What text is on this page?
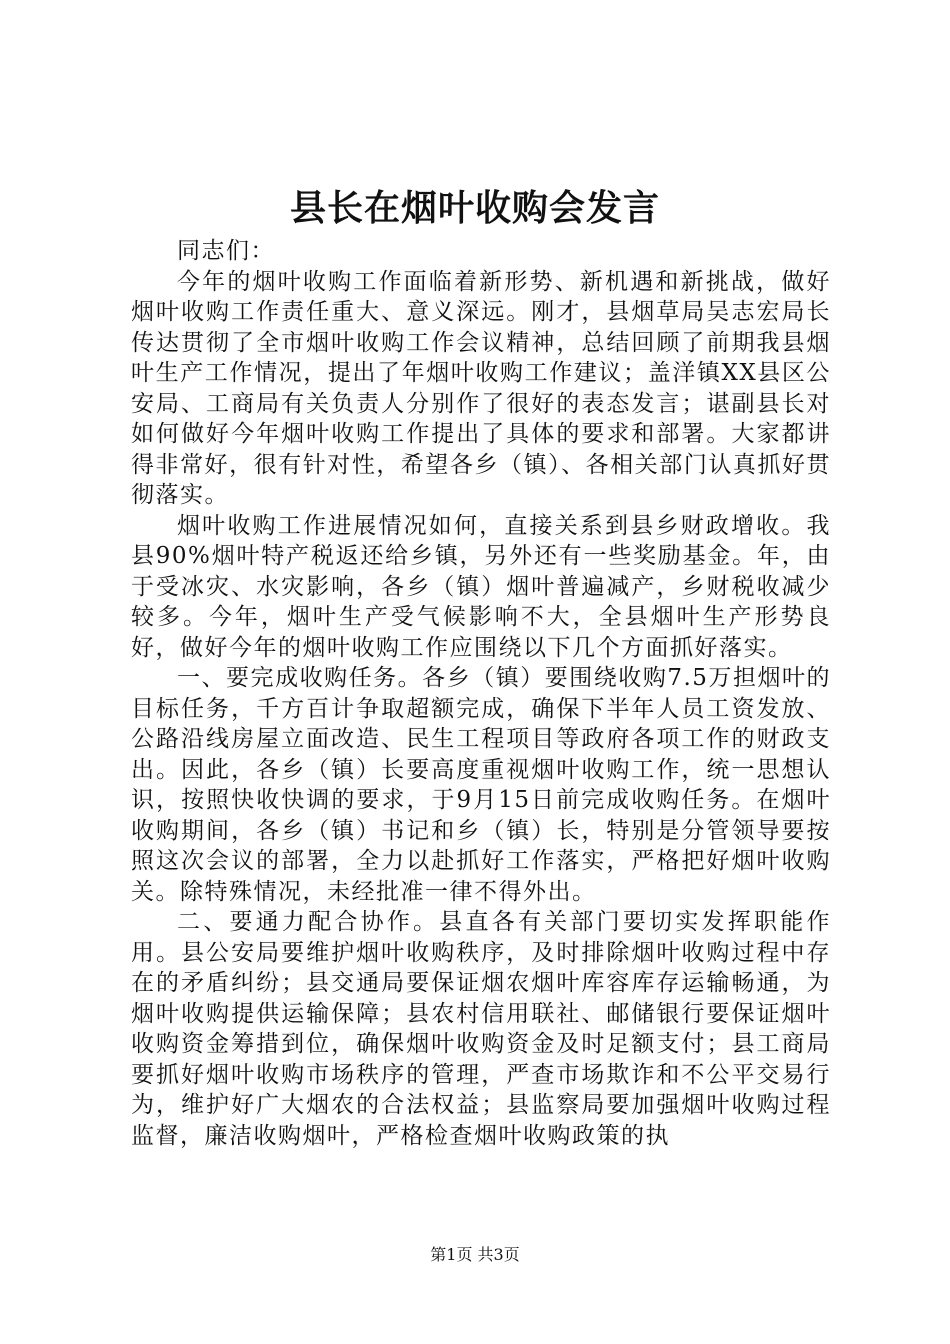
县长在烟叶收购会发言

同志们：

今年的烟叶收购工作面临着新形势、新机遇和新挑战，做好烟叶收购工作责任重大、意义深远。刚才，县烟草局吴志宏局长传达贯彻了全市烟叶收购工作会议精神，总结回顾了前期我县烟叶生产工作情况，提出了年烟叶收购工作建议；盖洋镇XX县区公安局、工商局有关负责人分别作了很好的表态发言；谌副县长对如何做好今年烟叶收购工作提出了具体的要求和部署。大家都讲得非常好，很有针对性，希望各乡（镇）、各相关部门认真抓好贯彻落实。

烟叶收购工作进展情况如何，直接关系到县乡财政增收。我县90%烟叶特产税返还给乡镇，另外还有一些奖励基金。年，由于受冰灾、水灾影响，各乡（镇）烟叶普遍减产，乡财税收减少较多。今年，烟叶生产受气候影响不大，全县烟叶生产形势良好，做好今年的烟叶收购工作应围绕以下几个方面抓好落实。

一、要完成收购任务。各乡（镇）要围绕收购7.5万担烟叶的目标任务，千方百计争取超额完成，确保下半年人员工资发放、公路沿线房屋立面改造、民生工程项目等政府各项工作的财政支出。因此，各乡（镇）长要高度重视烟叶收购工作，统一思想认识，按照快收快调的要求，于9月15日前完成收购任务。在烟叶收购期间，各乡（镇）书记和乡（镇）长，特别是分管领导要按照这次会议的部署，全力以赴抓好工作落实，严格把好烟叶收购关。除特殊情况，未经批准一律不得外出。

二、要通力配合协作。县直各有关部门要切实发挥职能作用。县公安局要维护烟叶收购秩序，及时排除烟叶收购过程中存在的矛盾纠纷；县交通局要保证烟农烟叶库容库存运输畅通，为烟叶收购提供运输保障；县农村信用联社、邮储银行要保证烟叶收购资金筹措到位，确保烟叶收购资金及时足额支付；县工商局要抓好烟叶收购市场秩序的管理，严查市场欺诈和不公平交易行为，维护好广大烟农的合法权益；县监察局要加强烟叶收购过程监督，廉洁收购烟叶，严格检查烟叶收购政策的执

第1页 共3页
